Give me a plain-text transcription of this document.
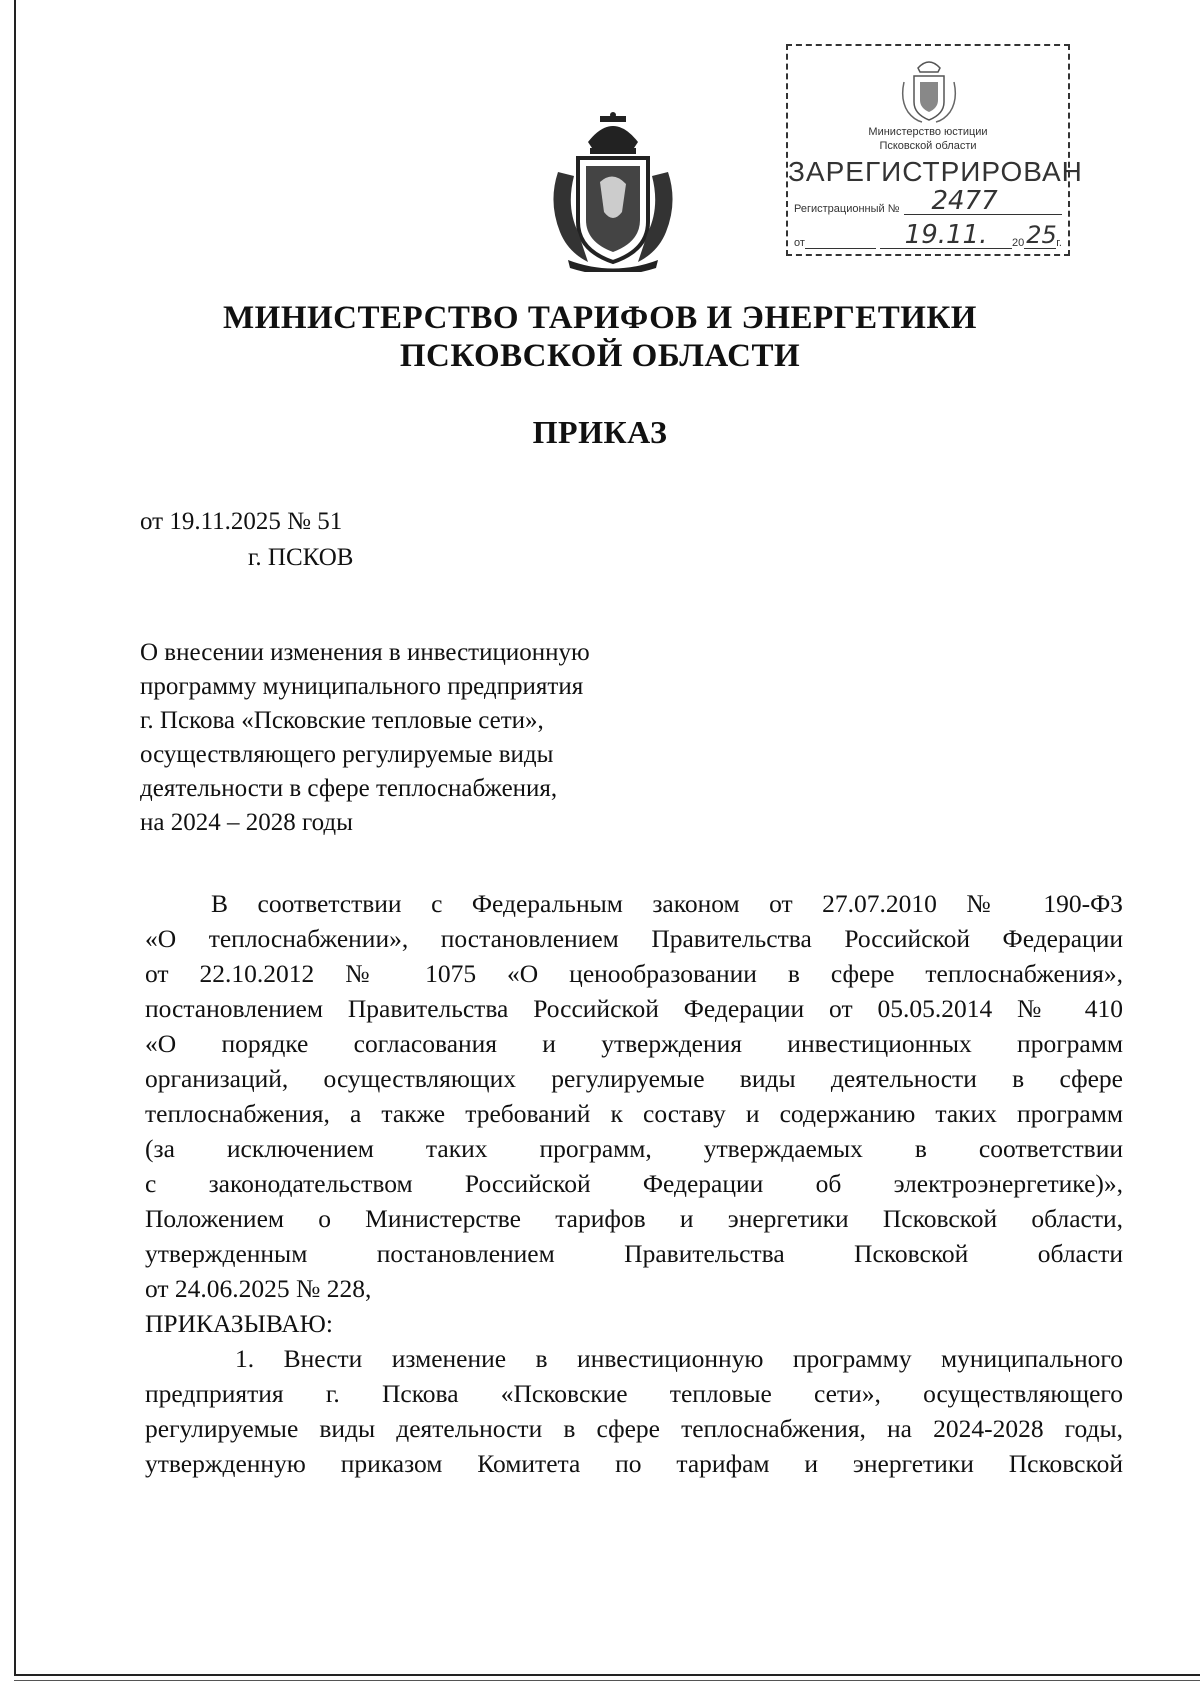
Министерство юстиции
Псковской области
ЗАРЕГИСТРИРОВАН
Регистрационный №	2477
от	19.11.	20 25 г.
МИНИСТЕРСТВО ТАРИФОВ И ЭНЕРГЕТИКИ
ПСКОВСКОЙ ОБЛАСТИ
ПРИКАЗ
от 19.11.2025 № 51
г. ПСКОВ
О внесении изменения в инвестиционную
программу муниципального предприятия
г. Пскова «Псковские тепловые сети»,
осуществляющего регулируемые виды
деятельности в сфере теплоснабжения,
на 2024 – 2028 годы
В соответствии с Федеральным законом от 27.07.2010 № 190-ФЗ
«О теплоснабжении», постановлением Правительства Российской Федерации
от 22.10.2012 № 1075 «О ценообразовании в сфере теплоснабжения»,
постановлением Правительства Российской Федерации от 05.05.2014 № 410
«О порядке согласования и утверждения инвестиционных программ
организаций, осуществляющих регулируемые виды деятельности в сфере
теплоснабжения, а также требований к составу и содержанию таких программ
(за исключением таких программ, утверждаемых в соответствии
с законодательством Российской Федерации об электроэнергетике)»,
Положением о Министерстве тарифов и энергетики Псковской области,
утвержденным постановлением Правительства Псковской области
от 24.06.2025 № 228,
ПРИКАЗЫВАЮ:
1. Внести изменение в инвестиционную программу муниципального
предприятия г. Пскова «Псковские тепловые сети», осуществляющего
регулируемые виды деятельности в сфере теплоснабжения, на 2024-2028 годы,
утвержденную приказом Комитета по тарифам и энергетики Псковской
